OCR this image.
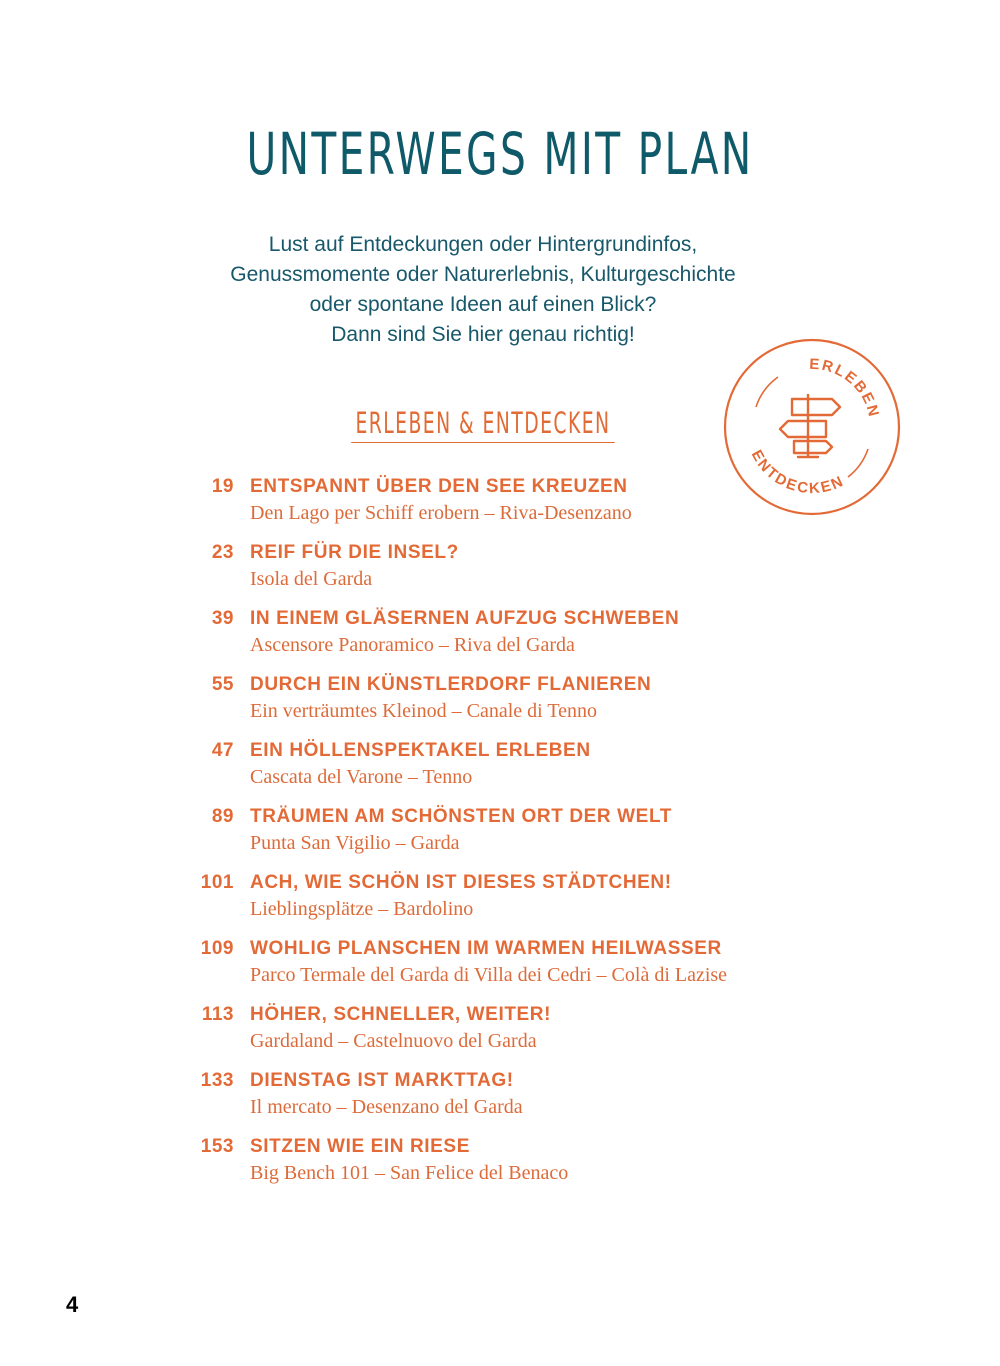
UNTERWEGS MIT PLAN

Lust auf Entdeckungen oder Hintergrundinfos,
Genussmomente oder Naturerlebnis, Kulturgeschichte
oder spontane Ideen auf einen Blick?
Dann sind Sie hier genau richtig!

ERLEBEN & ENTDECKEN
ERLEBEN
ENTDECKEN
19 ENTSPANNT ÜBER DEN SEE KREUZEN
Den Lago per Schiff erobern – Riva-Desenzano
23 REIF FÜR DIE INSEL?
Isola del Garda
39 IN EINEM GLÄSERNEN AUFZUG SCHWEBEN
Ascensore Panoramico – Riva del Garda
55 DURCH EIN KÜNSTLERDORF FLANIEREN
Ein verträumtes Kleinod – Canale di Tenno
47 EIN HÖLLENSPEKTAKEL ERLEBEN
Cascata del Varone – Tenno
89 TRÄUMEN AM SCHÖNSTEN ORT DER WELT
Punta San Vigilio – Garda
101 ACH, WIE SCHÖN IST DIESES STÄDTCHEN!
Lieblingsplätze – Bardolino
109 WOHLIG PLANSCHEN IM WARMEN HEILWASSER
Parco Termale del Garda di Villa dei Cedri – Colà di Lazise
113 HÖHER, SCHNELLER, WEITER!
Gardaland – Castelnuovo del Garda
133 DIENSTAG IST MARKTTAG!
Il mercato – Desenzano del Garda
153 SITZEN WIE EIN RIESE
Big Bench 101 – San Felice del Benaco
4
